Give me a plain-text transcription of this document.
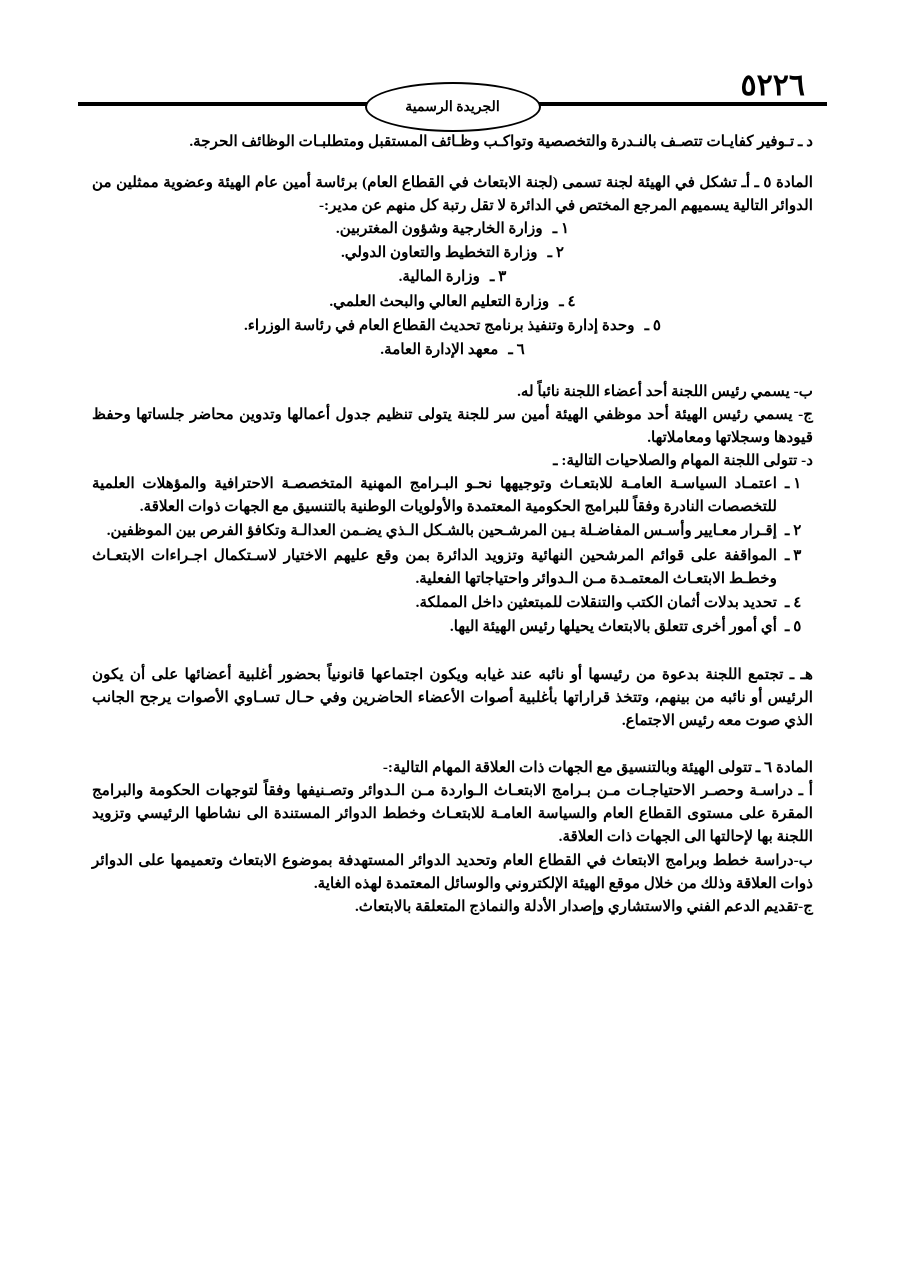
٥٢٢٦
الجريدة الرسمية

د ـ تـوفير كفايـات تتصـف بالنـدرة والتخصصية وتواكـب وظـائف المستقبل ومتطلبـات الوظائف الحرجة.

المادة ٥ ـ أـ تشكل في الهيئة لجنة تسمى (لجنة الابتعاث في القطاع العام) برئاسة أمين عام الهيئة وعضوية ممثلين من الدوائر التالية يسميهم المرجع المختص في الدائرة لا تقل رتبة كل منهم عن مدير:-

١ ـ
وزارة الخارجية وشؤون المغتربين.
٢ ـ
وزارة التخطيط والتعاون الدولي.
٣ ـ
وزارة المالية.
٤ ـ
وزارة التعليم العالي والبحث العلمي.
٥ ـ
وحدة إدارة وتنفيذ برنامج تحديث القطاع العام في رئاسة الوزراء.
٦ ـ
معهد الإدارة العامة.

ب- يسمي رئيس اللجنة أحد أعضاء اللجنة نائباً له.

ج- يسمي رئيس الهيئة أحد موظفي الهيئة أمين سر للجنة يتولى تنظيم جدول أعمالها وتدوين محاضر جلساتها وحفظ قيودها وسجلاتها ومعاملاتها.

د- تتولى اللجنة المهام والصلاحيات التالية: ـ

١ ـ
اعتمـاد السياسـة العامـة للابتعـاث وتوجيهها نحـو البـرامج المهنية المتخصصـة الاحترافية والمؤهلات العلمية للتخصصات النادرة وفقاً للبرامج الحكومية المعتمدة والأولويات الوطنية بالتنسيق مع الجهات ذوات العلاقة.
٢ ـ
إقـرار معـايير وأسـس المفاضـلة بـين المرشـحين بالشـكل الـذي يضـمن العدالـة وتكافؤ الفرص بين الموظفين.
٣ ـ
المواقفة على قوائم المرشحين النهائية وتزويد الدائرة بمن وقع عليهم الاختيار لاسـتكمال اجـراءات الابتعـاث وخطـط الابتعـاث المعتمـدة مـن الـدوائر واحتياجاتها الفعلية.
٤ ـ
تحديد بدلات أثمان الكتب والتنقلات للمبتعثين داخل المملكة.
٥ ـ
أي أمور أخرى تتعلق بالابتعاث يحيلها رئيس الهيئة اليها.

هـ ـ تجتمع اللجنة بدعوة من رئيسها أو نائبه عند غيابه ويكون اجتماعها قانونياً بحضور أغلبية أعضائها على أن يكون الرئيس أو نائبه من بينهم، وتتخذ قراراتها بأغلبية أصوات الأعضاء الحاضرين وفي حـال تسـاوي الأصوات يرجح الجانب الذي صوت معه رئيس الاجتماع.

المادة ٦ ـ تتولى الهيئة وبالتنسيق مع الجهات ذات العلاقة المهام التالية:-

أ ـ دراسـة وحصـر الاحتياجـات مـن بـرامج الابتعـاث الـواردة مـن الـدوائر وتصـنيفها وفقاً لتوجهات الحكومة والبرامج المقرة على مستوى القطاع العام والسياسة العامـة للابتعـاث وخطط الدوائر المستندة الى نشاطها الرئيسي وتزويد اللجنة بها لإحالتها الى الجهات ذات العلاقة.

ب-دراسة خطط وبرامج الابتعاث في القطاع العام وتحديد الدوائر المستهدفة بموضوع الابتعاث وتعميمها على الدوائر ذوات العلاقة وذلك من خلال موقع الهيئة الإلكتروني والوسائل المعتمدة لهذه الغاية.

ج-تقديم الدعم الفني والاستشاري وإصدار الأدلة والنماذج المتعلقة بالابتعاث.
